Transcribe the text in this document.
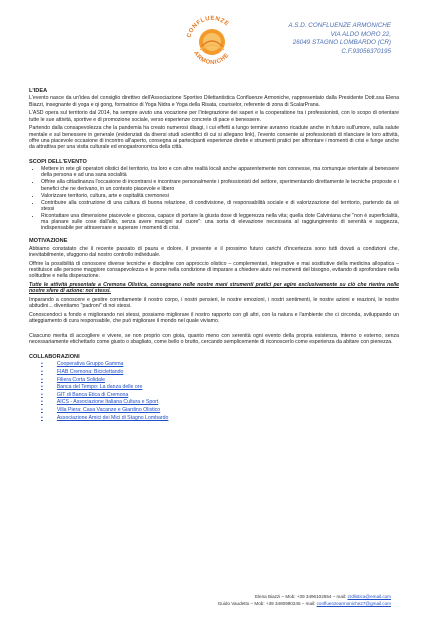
CONFLUENZE
ARMONICHE
A.S.D. CONFLUENZE ARMONICHE
VIA ALDO MORO 22,
26049 STAGNO LOMBARDO (CR)
C.F.93056370195
L'IDEA

L'evento nasce da un'idea del consiglio direttivo dell'Associazione Sportivo Dilettantistica Confluenze Armoniche, rappresentato dalla Presidente Dott.ssa Elena Biazzi, insegnante di yoga e qi gong, formatrice di Yoga Nidra e Yoga della Risata, counselor, referente di zona di ScalarPrana.

L'ASD opera sul territorio dal 2014, ha sempre avuto una vocazione per l'integrazione dei saperi e la cooperatione tra i professionisti, con lo scopo di orientare tutte le sue attività, sportive e di promozione sociale, verso esperienze concrete di pace e benessere.

Partendo dalla consapevolezza che la pandemia ha creato numerosi disagi, i cui effetti a lungo termine avranno ricadute anche in futuro sull'umore, sulla salute mentale e sul benessere in generale (evidenziati da diversi studi scientifici di cui si allegano link), l'evento consente ai professionisti di rilanciare le loro attività, offre una piacevole occasione di incontro all'aperto, consegna ai partecipanti esperienze dirette e strumenti pratici per affrontare i momenti di crisi e funge anche da attrattiva per una visita culturale ed enogastronomica della città.

SCOPI DELL'EVENTO
• Mettere in rete gli operatori olistici del territorio, tra loro e con altre realtà locali anche apparentemente non connesse, ma comunque orientate al benessere della persona e ad una sana socialità
• Offrire alla cittadinanza l'occasione di incontrarsi e incontrare personalmente i professionisti del settore, sperimentando direttamente le tecniche proposte e i benefici che ne derivano, in un contesto piacevole e libero
• Valorizzare territorio, cultura, arte e ospitalità cremonesi
• Contribuire alla costruzione di una cultura di buona relazione, di condivisione, di responsabilità sociale e di valorizzazione del territorio, partendo da sé stessi
• Ricontattare una dimensione piacevole e giocosa, capace di portare la giusta dose di leggerezza nella vita; quella dote Calviniana che "non è superficialità, ma planare sulle cose dall'alto, senza avere macigni sul cuore": una sorta di elevazione necessaria al raggiungimento di serenità e saggezza, indispensabile per attraversare e superare i momenti di crisi.
MOTIVAZIONE

Abbiamo constatato che il recente passato di paura e dolore, il presente e il prossimo futuro carichi d'incertezza sono tutti dovuti a condizioni che, inevitabilmente, sfuggono dal nostro controllo individuale.

Offrire la possibilità di conoscere diverse tecniche e discipline con approccio olistico – complementari, integrative e mai sostitutive della medicina allopatica – restituisce alle persone maggiore consapevolezza e le pone nella condizione di imparare a chiedere aiuto nei momenti del bisogno, evitando di sprofondare nella solitudine e nella disperazione.

Tutte le attività presentate a Cremona Olistica, consegnano nelle nostre mani strumenti pratici per agire esclusivamente su ciò che rientra nelle nostre sfere di azione: noi stessi.

Imparando a conoscere e gestire correttamente il nostro corpo, i nostri pensieri, le nostre emozioni, i nostri sentimenti, le nostre azioni e reazioni, le nostre abitudini... diventiamo "padroni" di noi stessi.

Conoscendoci a fondo e migliorando noi stessi, possiamo migliorare il nostro rapporto con gli altri, con la natura e l'ambiente che ci circonda, sviluppando un atteggiamento di cura responsabile, che può migliorare il mondo nel quale viviamo.

Ciascuno merita di accogliere e vivere, se non proprio con gioia, quanto meno con serenità ogni evento della propria esistenza, interno o esterno, senza necessariamente etichettarlo come giusto o sbagliato, come bello o brutto, cercando semplicemente di riconoscerlo come esperienza da abitare con pienezza.

COLLABORAZIONI
• Cooperativa Gruppo Gamma
• FIAB Cremona: Biciclettando
• Filiera Corta Solidale
• Banca del Tempo: La danza delle ore
• GIT di Banca Etica di Cremona
• AICS - Associazione Italiana Cultura e Sport
• Villa Piera: Casa Vacanze e Giardino Olistico
• Associazione Amici dei Mici di Stagno Lombardo
Elena Biazzi – Mob: +39 3496102654 – mail: zrdlistica@email.com
Guido Vaudetto – Mob: +39 3480990245 – mail: confluenzearmoniche27@gmail.com
